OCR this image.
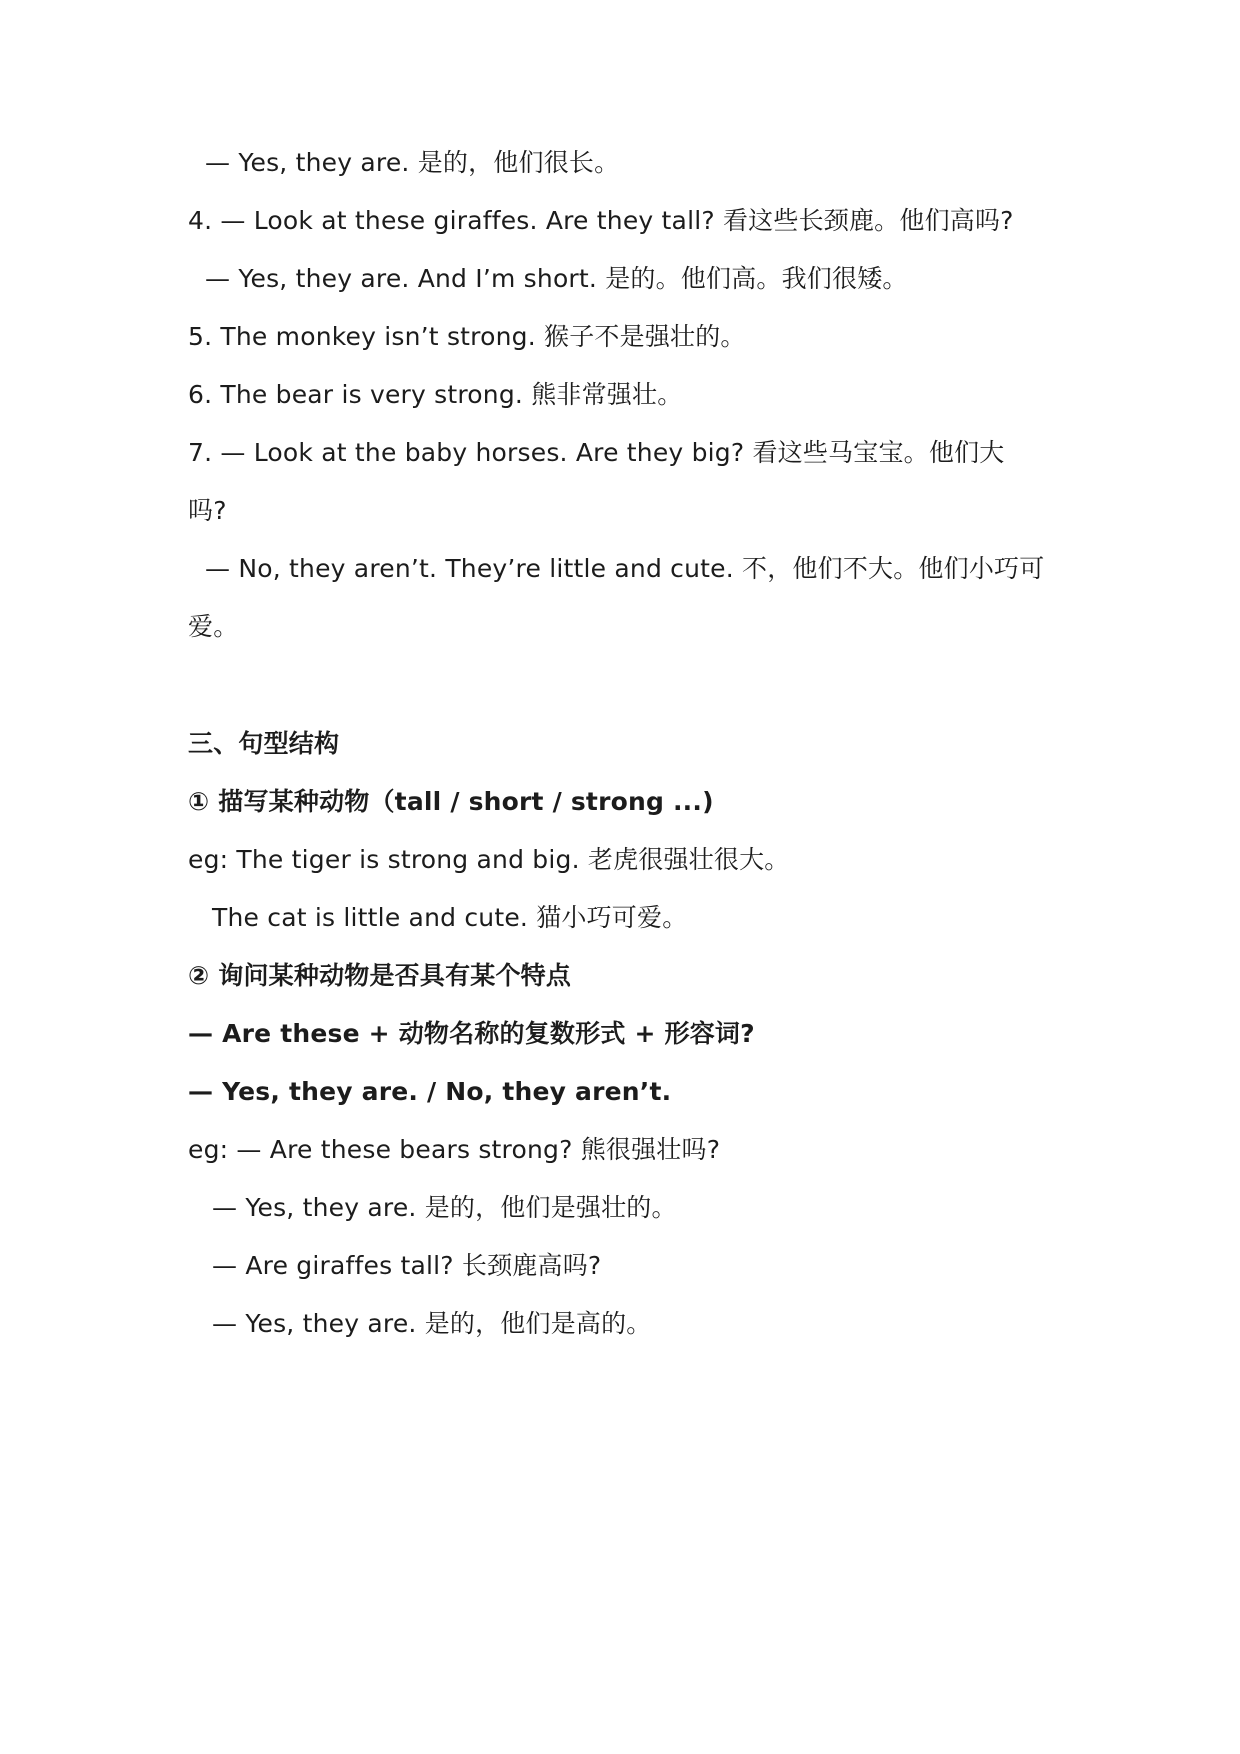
— Yes, they are. 是的，他们很长。
4. — Look at these giraffes. Are they tall? 看这些长颈鹿。他们高吗?
— Yes, they are. And I’m short. 是的。他们高。我们很矮。
5. The monkey isn’t strong. 猴子不是强壮的。
6. The bear is very strong. 熊非常强壮。
7. — Look at the baby horses. Are they big? 看这些马宝宝。他们大
吗?
— No, they aren’t. They’re little and cute. 不，他们不大。他们小巧可
爱。
三、句型结构
① 描写某种动物（tall / short / strong ...)
eg: The tiger is strong and big. 老虎很强壮很大。
The cat is little and cute. 猫小巧可爱。
② 询问某种动物是否具有某个特点
— Are these + 动物名称的复数形式 + 形容词?
— Yes, they are. / No, they aren’t.
eg: — Are these bears strong? 熊很强壮吗?
— Yes, they are. 是的，他们是强壮的。
— Are giraffes tall? 长颈鹿高吗?
— Yes, they are. 是的，他们是高的。
